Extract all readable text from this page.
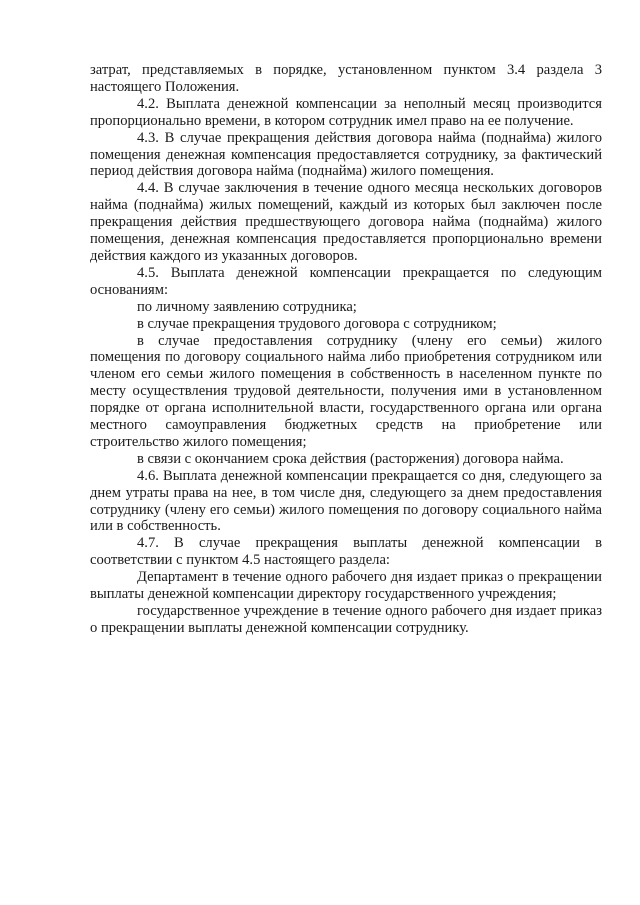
затрат, представляемых в порядке, установленном пунктом 3.4 раздела 3 настоящего Положения.

4.2. Выплата денежной компенсации за неполный месяц производится пропорционально времени, в котором сотрудник имел право на ее получение.

4.3. В случае прекращения действия договора найма (поднайма) жилого помещения денежная компенсация предоставляется сотруднику, за фактический период действия договора найма (поднайма) жилого помещения.

4.4. В случае заключения в течение одного месяца нескольких договоров найма (поднайма) жилых помещений, каждый из которых был заключен после прекращения действия предшествующего договора найма (поднайма) жилого помещения, денежная компенсация предоставляется пропорционально времени действия каждого из указанных договоров.

4.5. Выплата денежной компенсации прекращается по следующим основаниям:

по личному заявлению сотрудника;

в случае прекращения трудового договора с сотрудником;

в случае предоставления сотруднику (члену его семьи) жилого помещения по договору социального найма либо приобретения сотрудником или членом его семьи жилого помещения в собственность в населенном пункте по месту осуществления трудовой деятельности, получения ими в установленном порядке от органа исполнительной власти, государственного органа или органа местного самоуправления бюджетных средств на приобретение или строительство жилого помещения;

в связи с окончанием срока действия (расторжения) договора найма.

4.6. Выплата денежной компенсации прекращается со дня, следующего за днем утраты права на нее, в том числе дня, следующего за днем предоставления сотруднику (члену его семьи) жилого помещения по договору социального найма или в собственность.

4.7. В случае прекращения выплаты денежной компенсации в соответствии с пунктом 4.5 настоящего раздела:

Департамент в течение одного рабочего дня издает приказ о прекращении выплаты денежной компенсации директору государственного учреждения;

государственное учреждение в течение одного рабочего дня издает приказ о прекращении выплаты денежной компенсации сотруднику.
